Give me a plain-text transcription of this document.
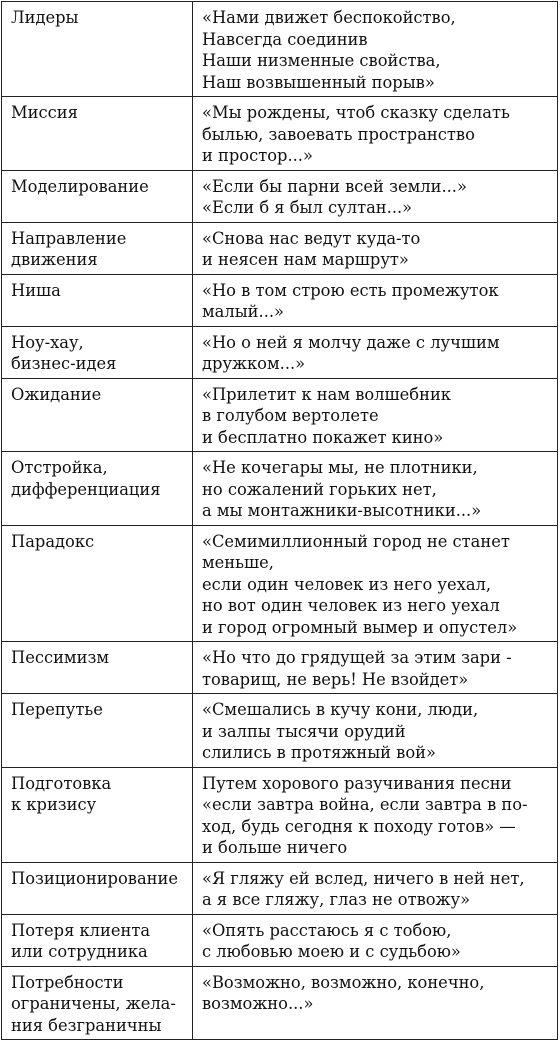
Лидеры	«Нами движет беспокойство,
Навсегда соединив
Наши низменные свойства,
Наш возвышенный порыв»

Миссия	«Мы рождены, чтоб сказку сделать
былью, завоевать пространство
и простор...»

Моделирование	«Если бы парни всей земли...»
«Если б я был султан...»

Направление
движения	«Снова нас ведут куда-то
и неясен нам маршрут»

Ниша	«Но в том строю есть промежуток
малый...»

Ноу-хау,
бизнес-идея	«Но о ней я молчу даже с лучшим
дружком...»

Ожидание	«Прилетит к нам волшебник
в голубом вертолете
и бесплатно покажет кино»

Отстройка,
дифференциация	«Не кочегары мы, не плотники,
но сожалений горьких нет,
а мы монтажники-высотники...»

Парадокс	«Семимиллионный город не станет
меньше,
если один человек из него уехал,
но вот один человек из него уехал
и город огромный вымер и опустел»

Пессимизм	«Но что до грядущей за этим зари -
товарищ, не верь! Не взойдет»

Перепутье	«Смешались в кучу кони, люди,
и залпы тысячи орудий
слились в протяжный вой»

Подготовка
к кризису	Путем хорового разучивания песни
«если завтра война, если завтра в по-
ход, будь сегодня к походу готов» —
и больше ничего

Позиционирование	«Я гляжу ей вслед, ничего в ней нет,
а я все гляжу, глаз не отвожу»

Потеря клиента
или сотрудника	«Опять расстаюсь я с тобою,
с любовью моею и с судьбою»

Потребности
ограничены, жела-
ния безграничны	«Возможно, возможно, конечно,
возможно...»
